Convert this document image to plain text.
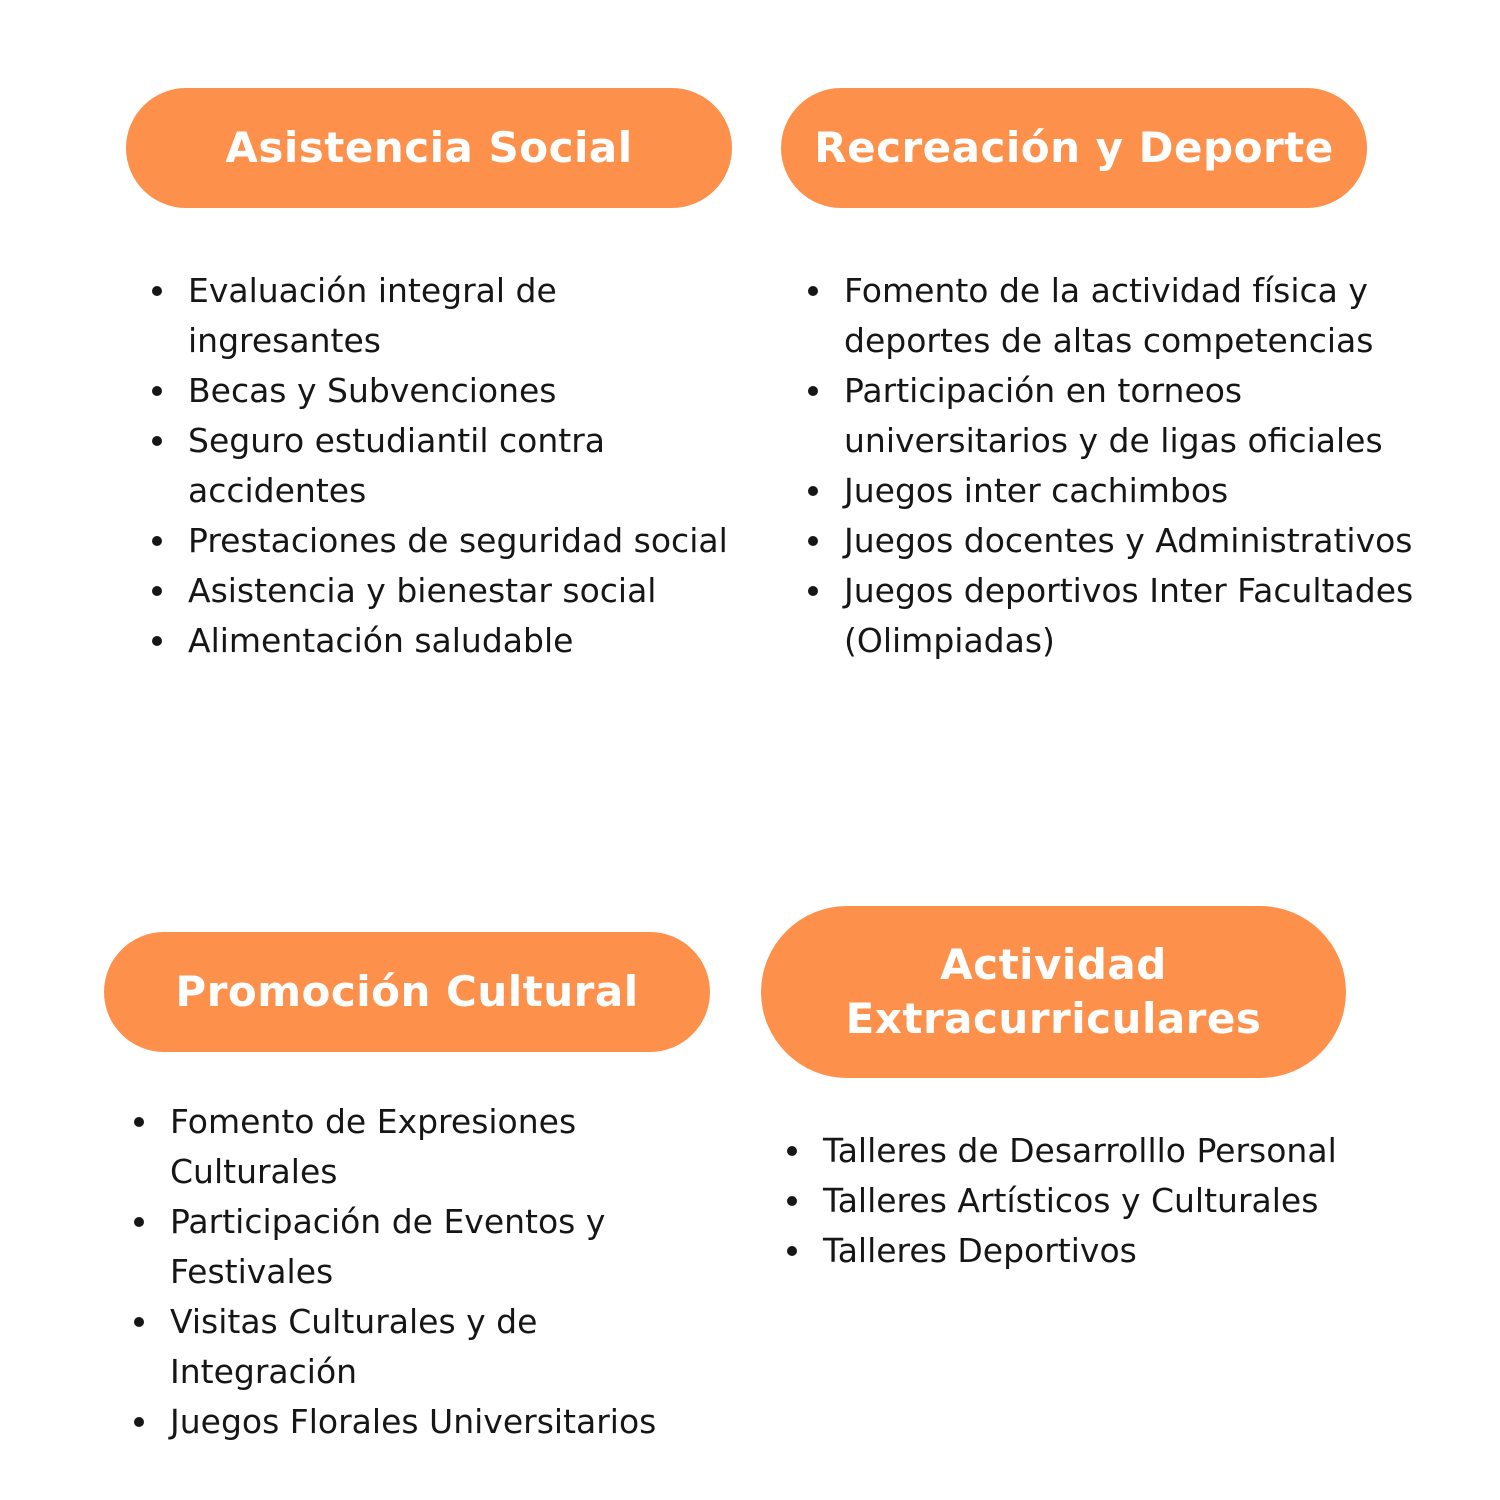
Asistencia Social
Evaluación integral de ingresantes
Becas y Subvenciones
Seguro estudiantil contra accidentes
Prestaciones de seguridad social
Asistencia y bienestar social
Alimentación saludable
Recreación y Deporte
Fomento de la actividad física y deportes de altas competencias
Participación en torneos universitarios y de ligas oficiales
Juegos inter cachimbos
Juegos docentes y Administrativos
Juegos deportivos Inter Facultades (Olimpiadas)
Promoción Cultural
Fomento de Expresiones Culturales
Participación de Eventos y Festivales
Visitas Culturales y de Integración
Juegos Florales Universitarios
Actividad
Extracurriculares
Talleres de Desarrolllo Personal
Talleres Artísticos y Culturales
Talleres Deportivos
